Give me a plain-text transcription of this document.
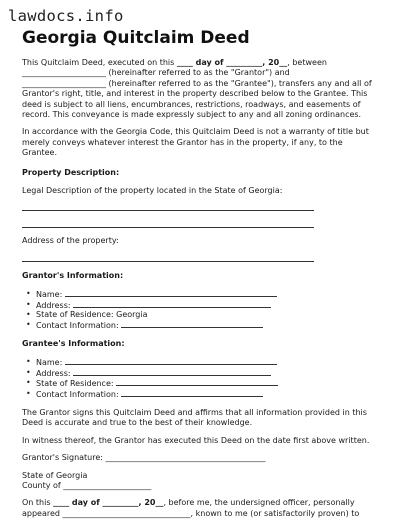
lawdocs.info
Georgia Quitclaim Deed

This Quitclaim Deed, executed on this ____ day of _________, 20__, between
_____________________ (hereinafter referred to as the "Grantor") and
_____________________ (hereinafter referred to as the "Grantee"), transfers any and all of Grantor's right, title, and interest in the property described below to the Grantee. This deed is subject to all liens, encumbrances, restrictions, roadways, and easements of record. This conveyance is made expressly subject to any and all zoning ordinances.

In accordance with the Georgia Code, this Quitclaim Deed is not a warranty of title but merely conveys whatever interest the Grantor has in the property, if any, to the Grantee.

Property Description:

Legal Description of the property located in the State of Georgia:

Address of the property:

Grantor's Information:
• Name:
• Address:
• State of Residence: Georgia
• Contact Information:
Grantee's Information:
• Name:
• Address:
• State of Residence:
• Contact Information:

The Grantor signs this Quitclaim Deed and affirms that all information provided in this Deed is accurate and true to the best of their knowledge.

In witness thereof, the Grantor has executed this Deed on the date first above written.

Grantor's Signature: ________________________________________

State of Georgia

County of ______________________

On this ____ day of _________, 20__, before me, the undersigned officer, personally
appeared ________________________________, known to me (or satisfactorily proven) to
